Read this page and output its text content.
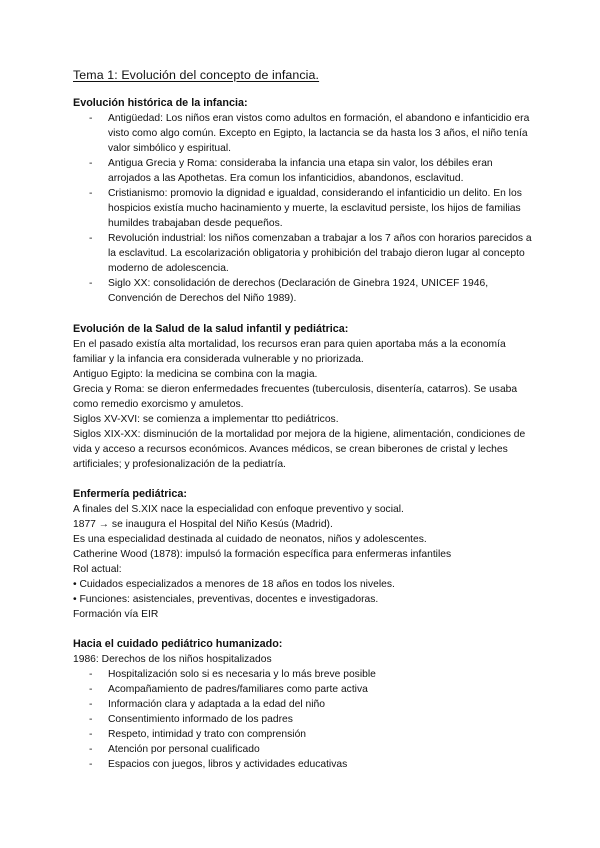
Tema 1: Evolución del concepto de infancia.
Evolución histórica de la infancia:
- Antigüedad: Los niños eran vistos como adultos en formación, el abandono e infanticidio era visto como algo común. Excepto en Egipto, la lactancia se da hasta los 3 años, el niño tenía valor simbólico y espiritual.
- Antigua Grecia y Roma: consideraba la infancia una etapa sin valor, los débiles eran arrojados a las Apothetas. Era comun los infanticidios, abandonos, esclavitud.
- Cristianismo: promovio la dignidad e igualdad, considerando el infanticidio un delito. En los hospicios existía mucho hacinamiento y muerte, la esclavitud persiste, los hijos de familias humildes trabajaban desde pequeños.
- Revolución industrial: los niños comenzaban a trabajar a los 7 años con horarios parecidos a la esclavitud. La escolarización obligatoria y prohibición del trabajo dieron lugar al concepto moderno de adolescencia.
- Siglo XX: consolidación de derechos (Declaración de Ginebra 1924, UNICEF 1946, Convención de Derechos del Niño 1989).
Evolución de la Salud de la salud infantil y pediátrica:

En el pasado existía alta mortalidad, los recursos eran para quien aportaba más a la economía familiar y la infancia era considerada vulnerable y no priorizada.

Antiguo Egipto: la medicina se combina con la magia.

Grecia y Roma: se dieron enfermedades frecuentes (tuberculosis, disentería, catarros). Se usaba como remedio exorcismo y amuletos.

Siglos XV-XVI: se comienza a implementar tto pediátricos.

Siglos XIX-XX: disminución de la mortalidad por mejora de la higiene, alimentación, condiciones de vida y acceso a recursos económicos. Avances médicos, se crean biberones de cristal y leches artificiales; y profesionalización de la pediatría.

Enfermería pediátrica:

A finales del S.XIX nace la especialidad con enfoque preventivo y social.

1877 → se inaugura el Hospital del Niño Kesús (Madrid).

Es una especialidad destinada al cuidado de neonatos, niños y adolescentes.

Catherine Wood (1878): impulsó la formación específica para enfermeras infantiles

Rol actual:

• Cuidados especializados a menores de 18 años en todos los niveles.

• Funciones: asistenciales, preventivas, docentes e investigadoras.

Formación vía EIR

Hacia el cuidado pediátrico humanizado:

1986: Derechos de los niños hospitalizados

- Hospitalización solo si es necesaria y lo más breve posible
- Acompañamiento de padres/familiares como parte activa
- Información clara y adaptada a la edad del niño
- Consentimiento informado de los padres
- Respeto, intimidad y trato con comprensión
- Atención por personal cualificado
- Espacios con juegos, libros y actividades educativas
